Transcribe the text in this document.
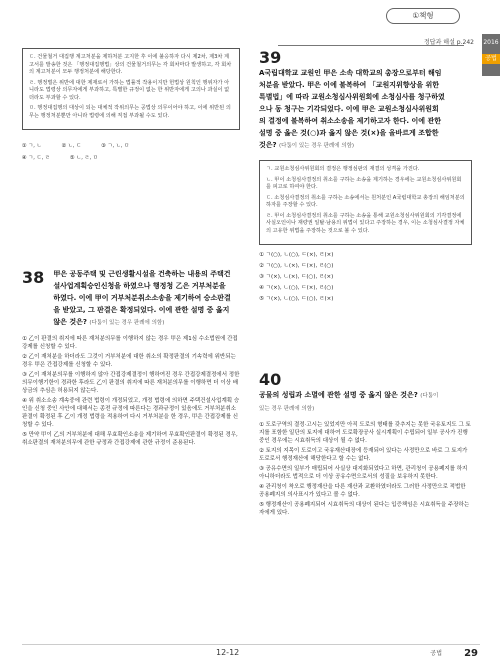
①책형
정답과 해설 p.242 2016
공법

ㄷ. 건물철거 대집행 계고처분을 제하처분 고지한 후 이에 불응하자 다시 제2차, 제3차 계고서를 발송한 것은 「행정대집행법」상의 건물철거의무는 각 회차마다 발생하고, 각 회차의 계고처분이 모두 행정처분에 해당한다.

ㄹ. 행정벌은 위반에 대한 제재로서 가하는 법률적 작용이지만 헌법상 원칙인 행위자가 아니라도 법령상 의무자에게 부과하고, 특별한 규정이 없는 한 위반자에게 고의나 과실이 없더라도 부과할 수 있다.

ㅁ. 행정대집행의 대상이 되는 대체적 작위의무는 공법상 의무이어야 하고, 이에 위반된 의무는 행정처분뿐만 아니라 법령에 의해 직접 부과될 수도 있다.

① ㄱ, ㄴ	② ㄴ, ㄷ	③ ㄱ, ㄴ, ㅁ
④ ㄱ, ㄷ, ㄹ	⑤ ㄴ, ㄹ, ㅁ
38 甲은 공동주택 및 근린생활시설을 건축하는 내용의 주택건설사업계획승인신청을 하였으나 행정청 乙은 거부처분을 하였다. 이에 甲이 거부처분취소소송을 제기하여 승소판결을 받았고, 그 판결은 확정되었다. 이에 관한 설명 중 옳지 않은 것은? (다툼이 있는 경우 판례에 의함)

① 乙이 판결의 취지에 따른 재처분의무를 이행하지 않는 경우 甲은 제1심 수소법원에 간접강제를 신청할 수 있다.

② 乙이 재처분을 하더라도 그것이 거부처분에 대한 취소의 확정판결의 기속력에 위반되는 경우 甲은 간접강제를 신청할 수 있다.

③ 乙이 재처분의무를 이행하지 않아 간접강제결정이 행하여진 경우 간접강제결정에서 정한 의무이행기한이 경과한 후라도 乙이 판결의 취지에 따른 재처분의무를 이행하면 더 이상 배상금의 추심은 허용되지 않는다.

④ 위 취소소송 계속중에 관련 법령이 개정되었고, 개정 법령에 의하면 주택건설사업계획 승인을 신청 중인 사안에 대해서는 종전 규정에 따른다는 경과규정이 있음에도 거부처분취소판결이 확정된 후 乙이 개정 법령을 적용하여 다시 거부처분을 한 경우, 甲은 간접강제를 신청할 수 있다.

⑤ 만약 甲이 乙의 거부처분에 대해 무효확인소송을 제기하여 무효확인판결이 확정된 경우, 취소판결의 재처분의무에 관한 규정과 간접강제에 관한 규정이 준용된다.

39 A국립대학교 교원인 甲은 소속 대학교의 총장으로부터 해임처분을 받았다. 甲은 이에 불복하여 「교원지위향상을 위한 특별법」에 따라 교원소청심사위원회에 소청심사를 청구하였으나 동 청구는 기각되었다. 이에 甲은 교원소청심사위원회의 결정에 불복하여 취소소송을 제기하고자 한다. 이에 관한 설명 중 옳은 것(○)과 옳지 않은 것(×)을 올바르게 조합한 것은? (다툼이 있는 경우 판례에 의함)

ㄱ. 교원소청심사위원회의 결정은 행정심판의 재결의 성격을 가진다.

ㄴ. 甲이 소청심사결정의 취소를 구하는 소송을 제기하는 경우에는 교원소청심사위원회를 피고로 하여야 한다.

ㄷ. 소청심사결정의 취소를 구하는 소송에서는 원처분인 A국립대학교 총장의 해임처분의 하자를 주장할 수 있다.

ㄹ. 甲이 소청심사결정의 취소를 구하는 소송을 통해 교원소청심사위원회의 기각결정에 사실오인이나 재량권 일탈·남용의 위법이 있다고 주장하는 경우, 이는 소청심사결정 자체의 고유한 위법을 주장하는 것으로 볼 수 있다.

① ㄱ(○), ㄴ(○), ㄷ(×), ㄹ(×)

② ㄱ(○), ㄴ(×), ㄷ(×), ㄹ(○)

③ ㄱ(×), ㄴ(×), ㄷ(○), ㄹ(×)

④ ㄱ(×), ㄴ(○), ㄷ(×), ㄹ(○)

⑤ ㄱ(×), ㄴ(○), ㄷ(○), ㄹ(×)

40 공물의 성립과 소멸에 관한 설명 중 옳지 않은 것은? (다툼이 있는 경우 판례에 의함)

① 도로구역의 결정·고시는 있었지만 아직 도로의 형태를 갖추지는 못한 국유토지도 그 토지를 포함한 일단의 토지에 대하여 도로확장공사 실시계획이 수립되어 일부 공사가 진행 중인 경우에는 시효취득의 대상이 될 수 없다.

② 토지의 지목이 도로이고 국유재산대장에 등재되어 있다는 사정만으로 바로 그 토지가 도로로서 행정재산에 해당한다고 할 수는 없다.

③ 공유수면의 일부가 매립되어 사실상 대지화되었다고 하면, 관리청이 공용폐지를 하지 아니하더라도 법적으로 더 이상 공유수면으로서의 성질을 보유하지 못한다.

④ 관리청이 착오로 행정재산을 다른 재산과 교환하였더라도 그러한 사정만으로 적법한 공용폐지의 의사표시가 있다고 볼 수 없다.

⑤ 행정재산이 공용폐지되어 시효취득의 대상이 된다는 입증책임은 시효취득을 주장하는 자에게 있다.

12-12	공법 29
